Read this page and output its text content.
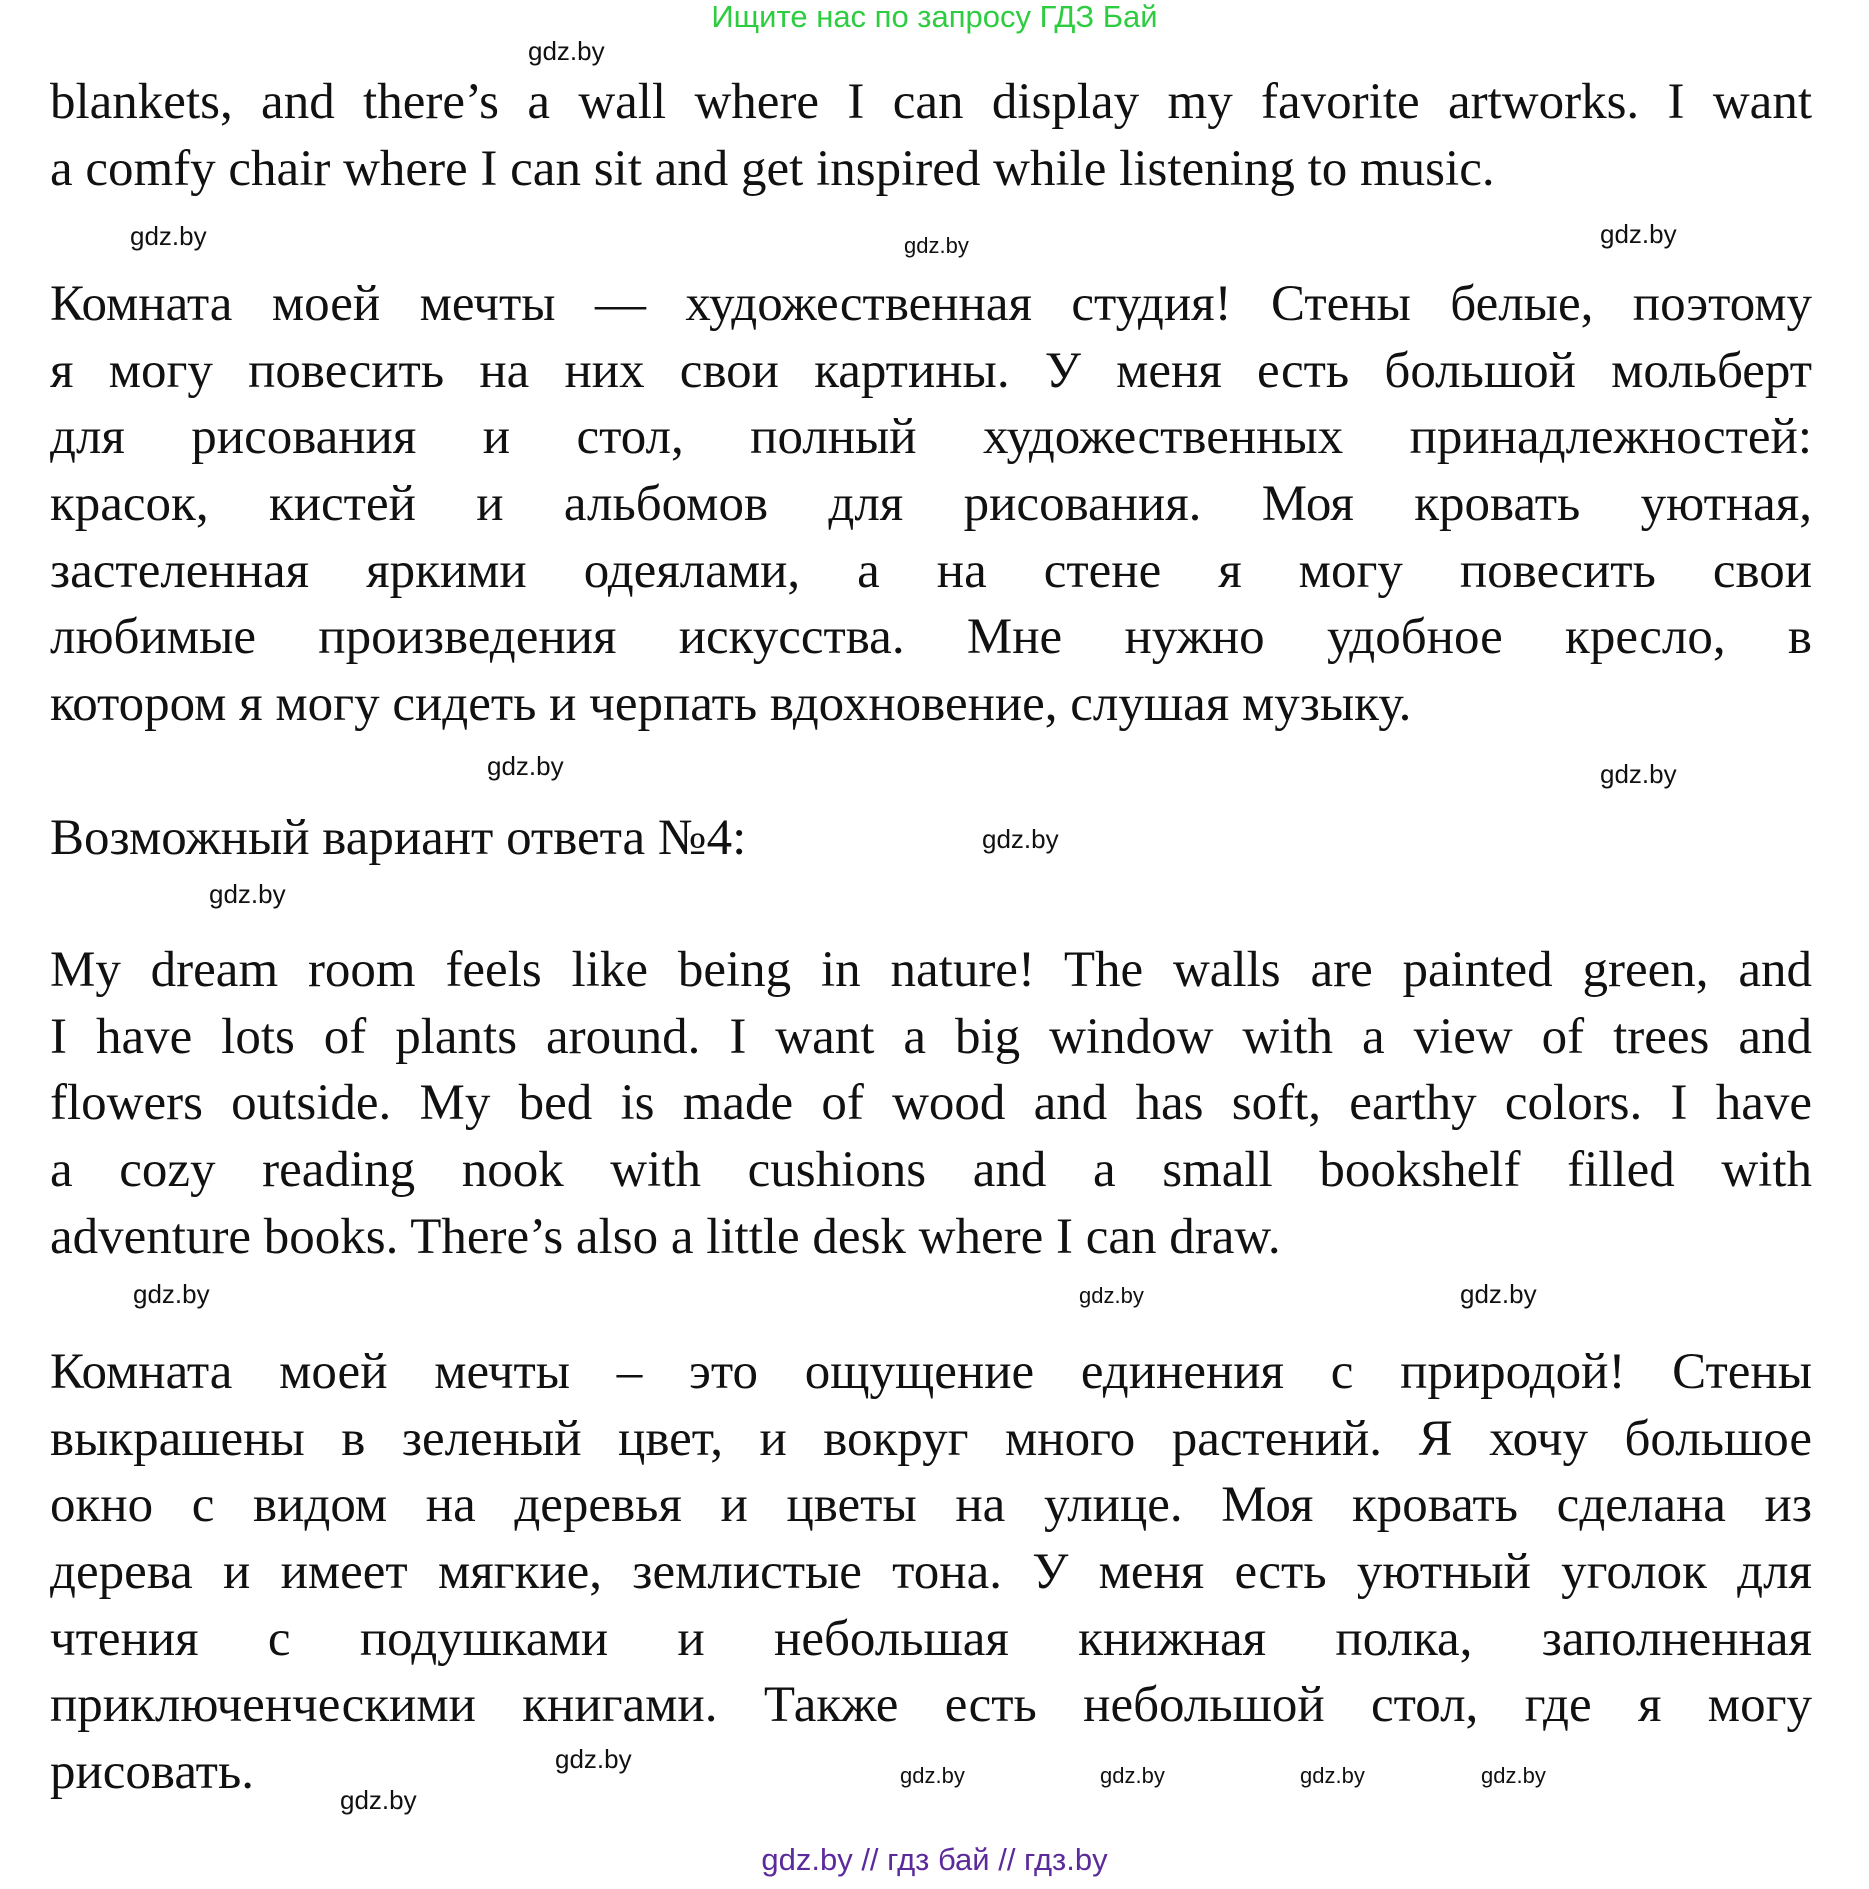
Ищите нас по запросу ГДЗ Бай
blankets, and there’s a wall where I can display my favorite artworks. I want
a comfy chair where I can sit and get inspired while listening to music.
Комната моей мечты — художественная студия! Стены белые, поэтому
я могу повесить на них свои картины. У меня есть большой мольберт
для рисования и стол, полный художественных принадлежностей:
красок, кистей и альбомов для рисования. Моя кровать уютная,
застеленная яркими одеялами, а на стене я могу повесить свои
любимые произведения искусства. Мне нужно удобное кресло, в
котором я могу сидеть и черпать вдохновение, слушая музыку.
Возможный вариант ответа №4:
My dream room feels like being in nature! The walls are painted green, and
I have lots of plants around. I want a big window with a view of trees and
flowers outside. My bed is made of wood and has soft, earthy colors. I have
a cozy reading nook with cushions and a small bookshelf filled with
adventure books. There’s also a little desk where I can draw.
Комната моей мечты – это ощущение единения с природой! Стены
выкрашены в зеленый цвет, и вокруг много растений. Я хочу большое
окно с видом на деревья и цветы на улице. Моя кровать сделана из
дерева и имеет мягкие, землистые тона. У меня есть уютный уголок для
чтения с подушками и небольшая книжная полка, заполненная
приключенческими книгами. Также есть небольшой стол, где я могу
рисовать.
gdz.by
gdz.by
gdz.by	gdz.by
gdz.by
gdz.by
gdz.by
gdz.by
gdz.by	gdz.by
gdz.by
gdz.by	gdz.by	gdz.by
gdz.by
gdz.by
gdz.by
gdz.by // гдз бай // гдз.by
